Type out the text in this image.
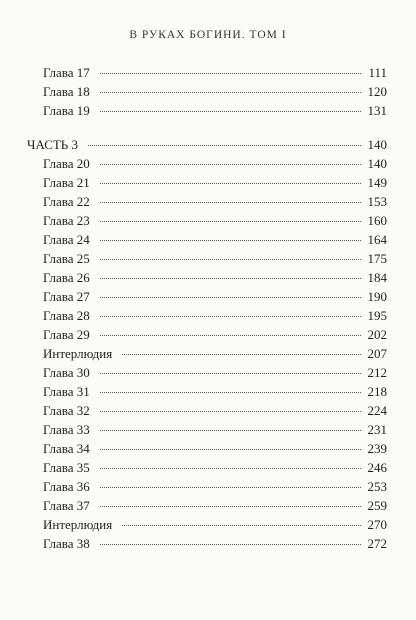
В РУКАХ БОГИНИ. ТОМ I
Глава 17	111
Глава 18	120
Глава 19	131
ЧАСТЬ 3	140
Глава 20	140
Глава 21	149
Глава 22	153
Глава 23	160
Глава 24	164
Глава 25	175
Глава 26	184
Глава 27	190
Глава 28	195
Глава 29	202
Интерлюдия	207
Глава 30	212
Глава 31	218
Глава 32	224
Глава 33	231
Глава 34	239
Глава 35	246
Глава 36	253
Глава 37	259
Интерлюдия	270
Глава 38	272
